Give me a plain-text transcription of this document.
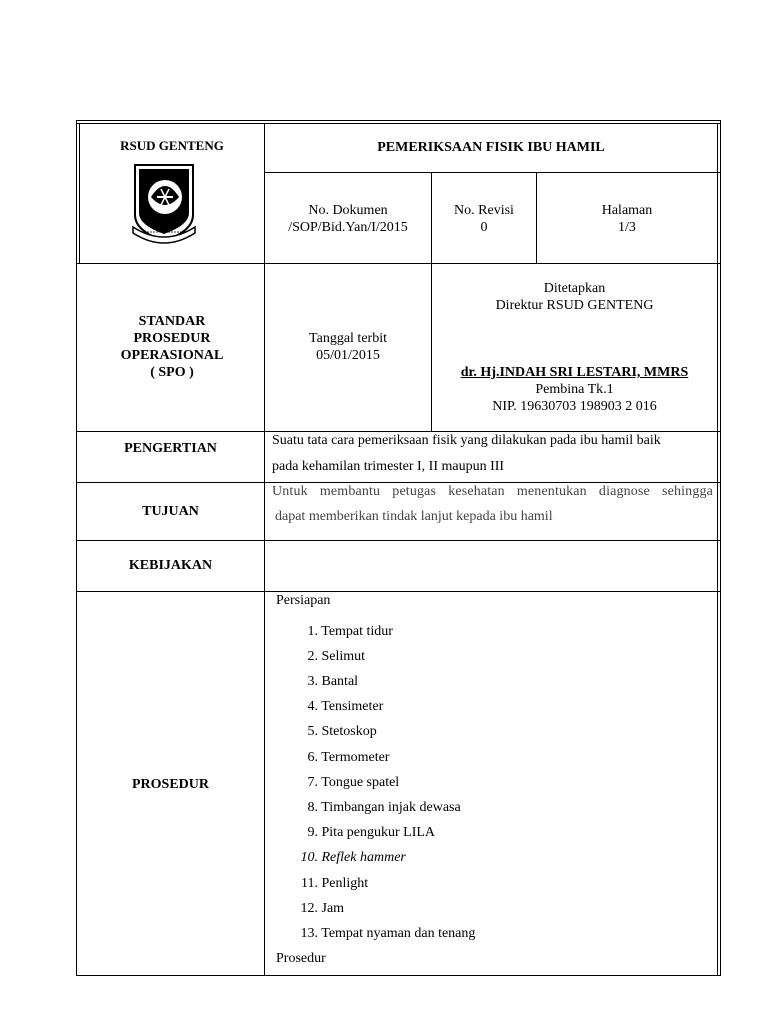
RSUD GENTENG	PEMERIKSAAN FISIK IBU HAMIL
No. Dokumen
/SOP/Bid.Yan/I/2015
No. Revisi
0
Halaman
1/3
STANDAR
PROSEDUR
OPERASIONAL
( SPO )
Tanggal terbit
05/01/2015
Ditetapkan
Direktur RSUD GENTENG
dr. Hj.INDAH SRI LESTARI, MMRS
Pembina Tk.1
NIP. 19630703 198903 2 016
PENGERTIAN
Suatu tata cara pemeriksaan fisik yang dilakukan pada ibu hamil baik
pada kehamilan trimester I, II maupun III
TUJUAN
Untuk membantu petugas kesehatan menentukan diagnose sehingga
dapat memberikan tindak lanjut kepada ibu hamil
KEBIJAKAN
PROSEDUR
Persiapan
1. Tempat tidur
2. Selimut
3. Bantal
4. Tensimeter
5. Stetoskop
6. Termometer
7. Tongue spatel
8. Timbangan injak dewasa
9. Pita pengukur LILA
10. Reflek hammer
11. Penlight
12. Jam
13. Tempat nyaman dan tenang
Prosedur
